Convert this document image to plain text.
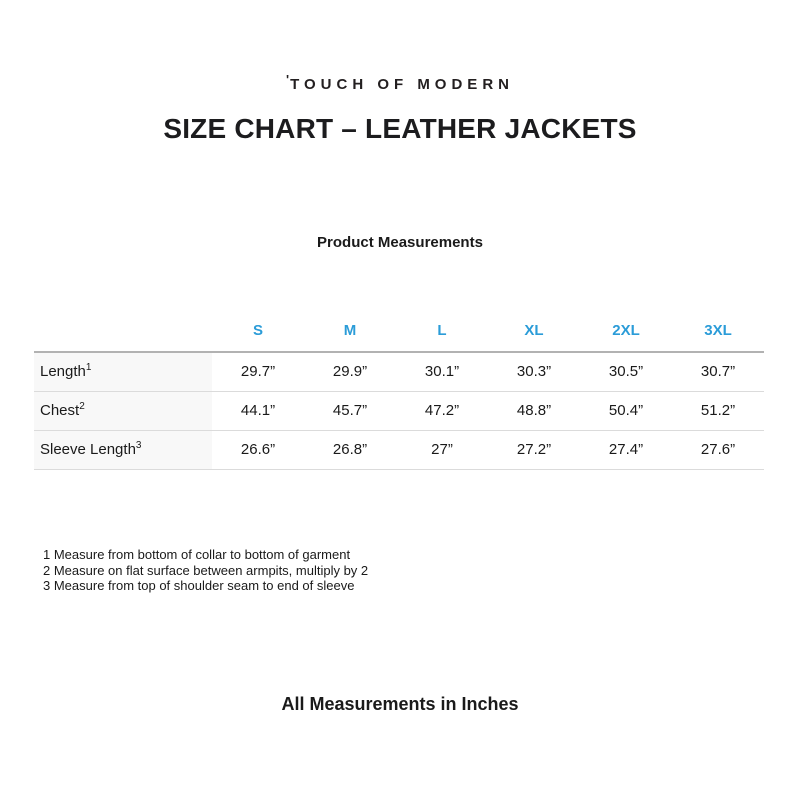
'TOUCH OF MODERN
SIZE CHART – LEATHER JACKETS
Product Measurements
	S	M	L	XL	2XL	3XL
Length$^1$	29.7”	29.9”	30.1”	30.3”	30.5”	30.7”
Chest$^2$	44.1”	45.7”	47.2”	48.8”	50.4”	51.2”
Sleeve Length$^3$	26.6”	26.8”	27”	27.2”	27.4”	27.6”
1 Measure from bottom of collar to bottom of garment
2 Measure on flat surface between armpits, multiply by 2
3 Measure from top of shoulder seam to end of sleeve
All Measurements in Inches
